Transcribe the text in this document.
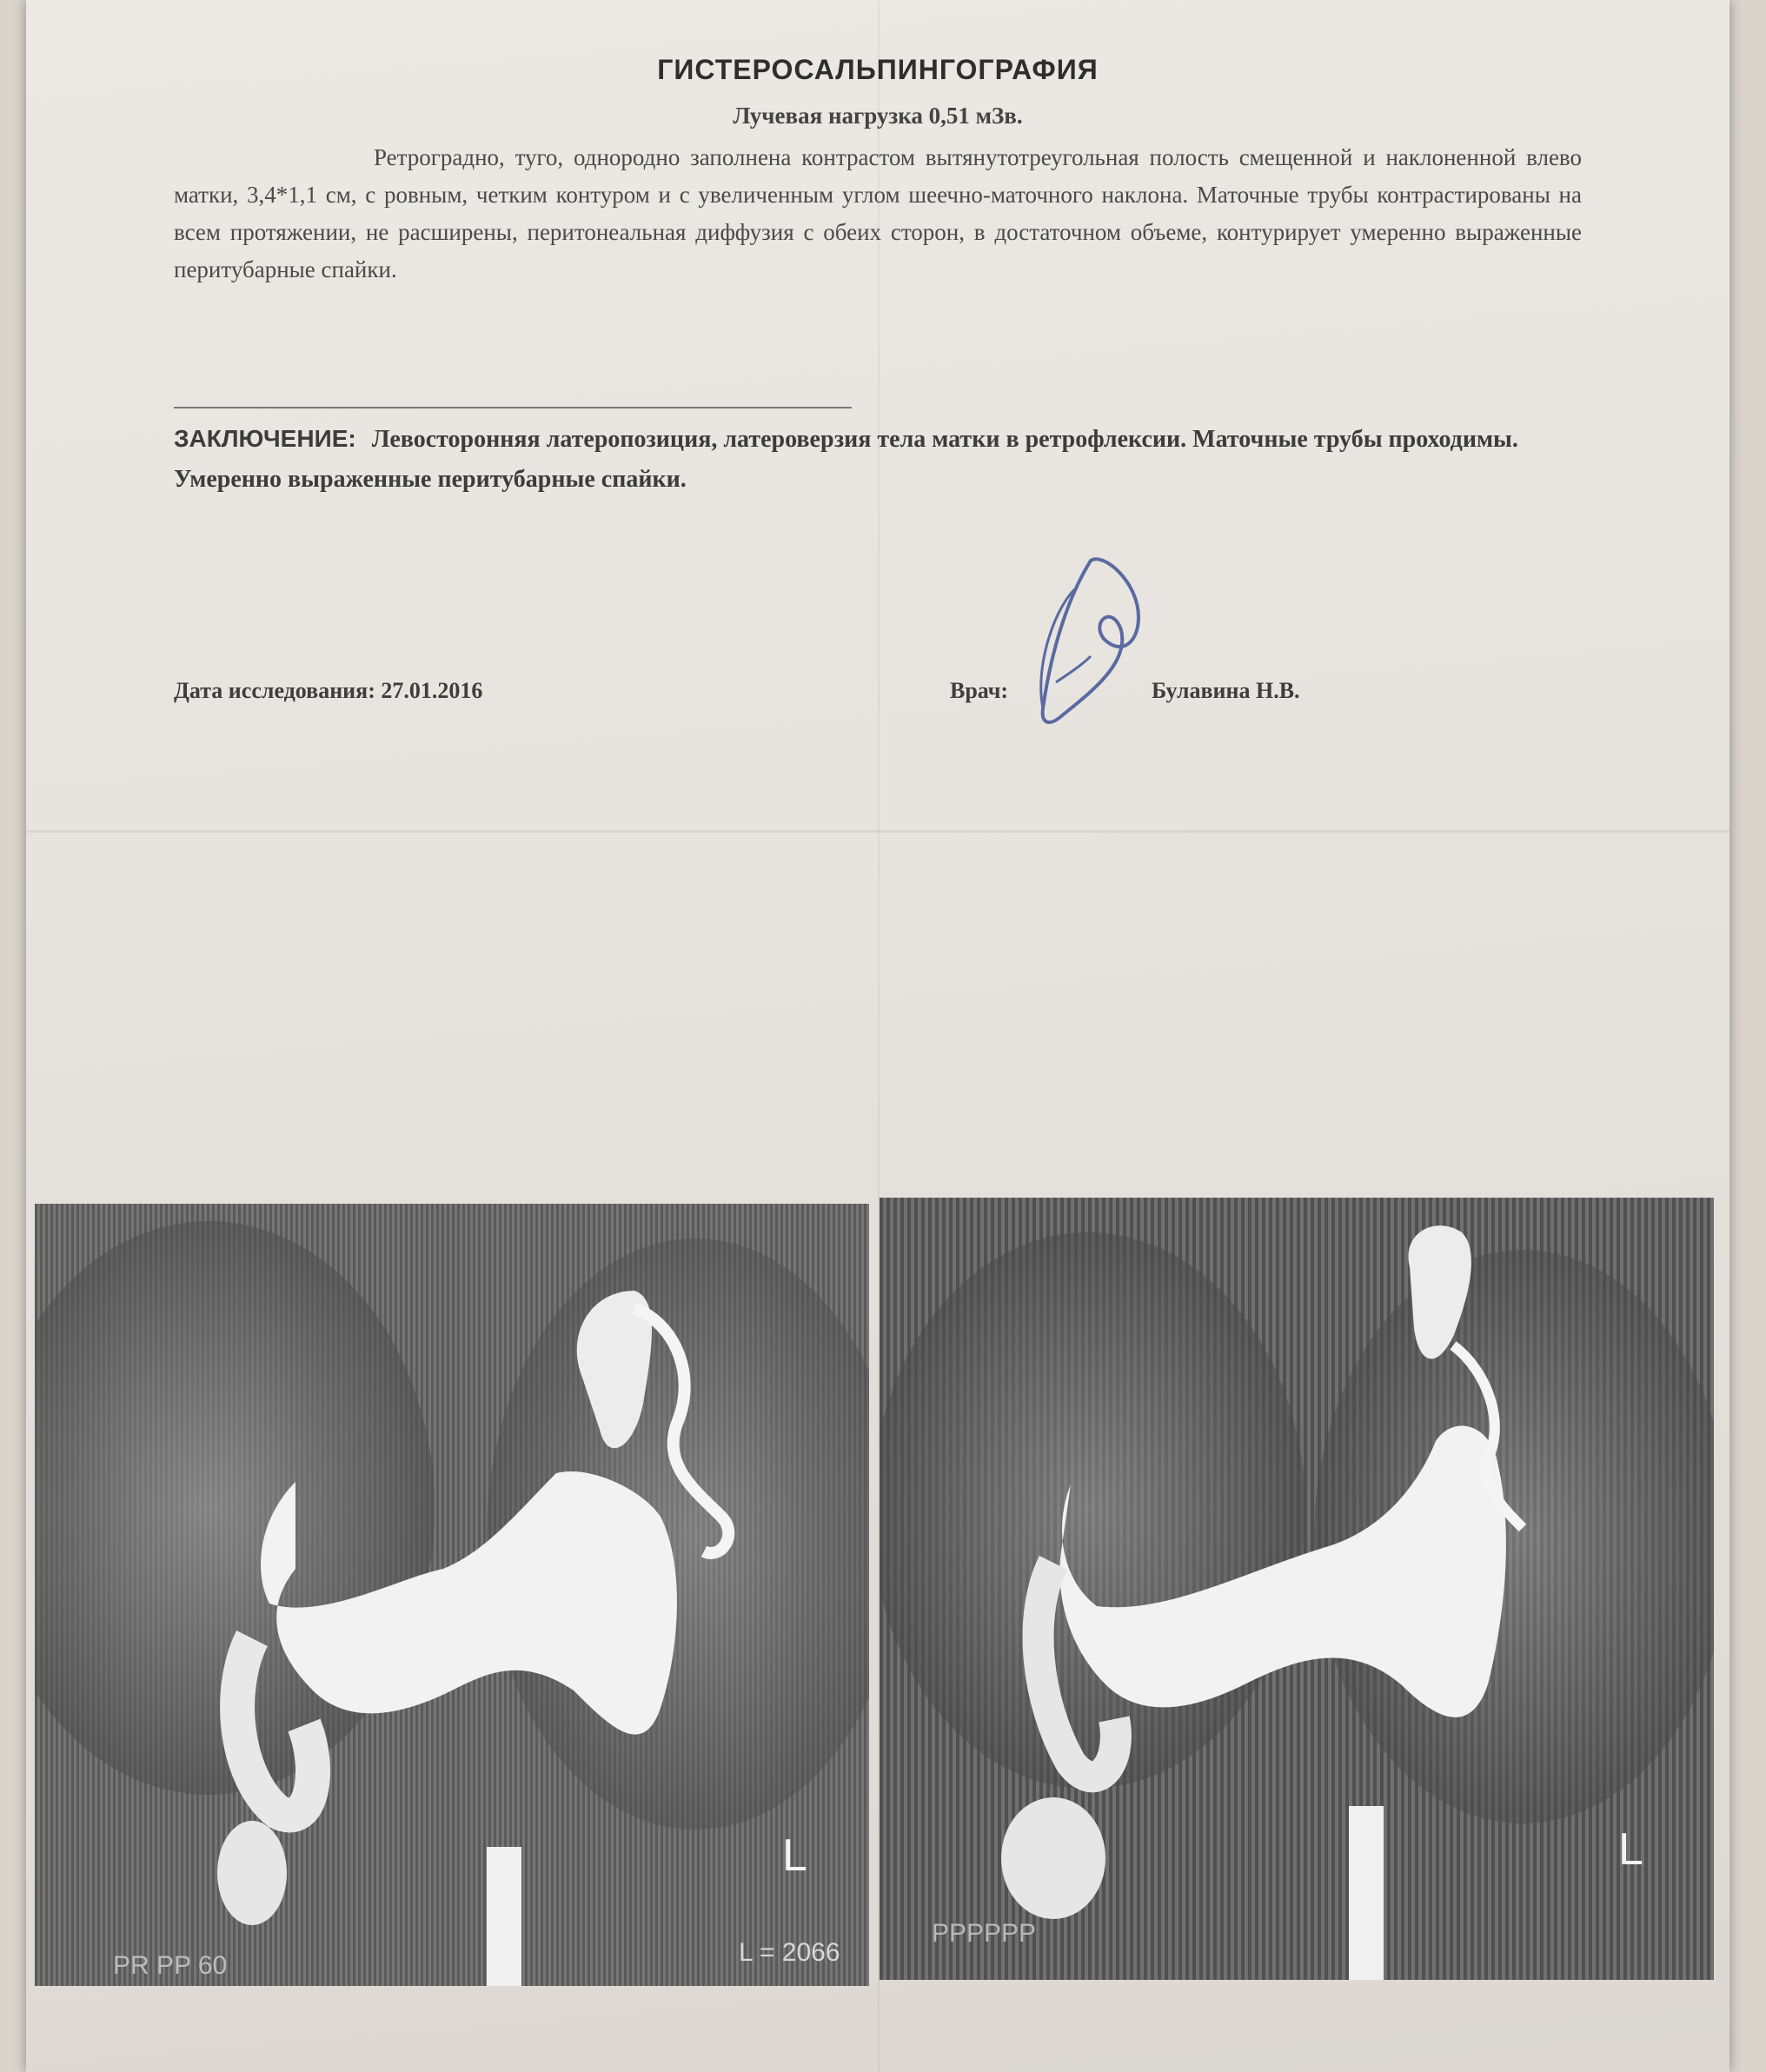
ГИСТЕРОСАЛЬПИНГОГРАФИЯ
Лучевая нагрузка 0,51 мЗв.
Ретроградно, туго, однородно заполнена контрастом вытянутотреугольная полость смещенной и наклоненной влево матки, 3,4*1,1 см, с ровным, четким контуром и с увеличенным углом шеечно-маточного наклона. Маточные трубы контрастированы на всем протяжении, не расширены, перитонеальная диффузия с обеих сторон, в достаточном объеме, контурирует умеренно выраженные перитубарные спайки.
ЗАКЛЮЧЕНИЕ: Левосторонняя латеропозиция, латероверзия тела матки в ретрофлексии. Маточные трубы проходимы. Умеренно выраженные перитубарные спайки.
Дата исследования: 27.01.2016	Врач:	Булавина Н.В.
L
L = 2066
PR PP 60
L
PPPPPP
